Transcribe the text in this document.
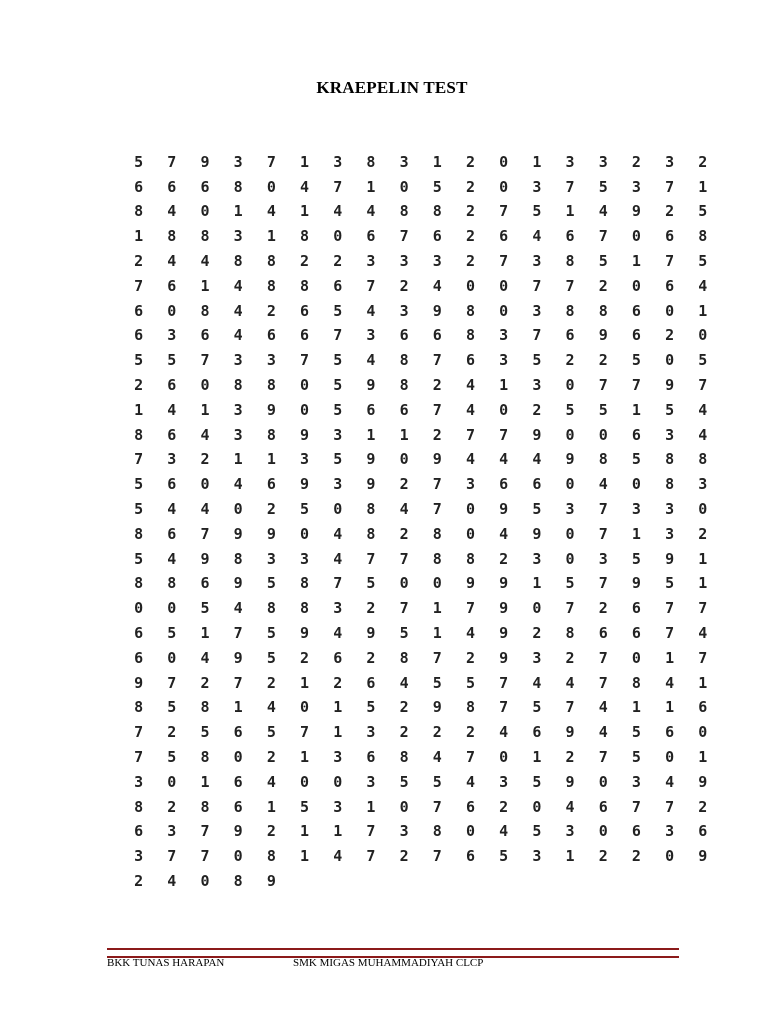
KRAEPELIN TEST
5	7	9	3	7	1	3	8	3	1	2	0	1	3	3	2	3	2
6	6	6	8	0	4	7	1	0	5	2	0	3	7	5	3	7	1
8	4	0	1	4	1	4	4	8	8	2	7	5	1	4	9	2	5
1	8	8	3	1	8	0	6	7	6	2	6	4	6	7	0	6	8
2	4	4	8	8	2	2	3	3	3	2	7	3	8	5	1	7	5
7	6	1	4	8	8	6	7	2	4	0	0	7	7	2	0	6	4
6	0	8	4	2	6	5	4	3	9	8	0	3	8	8	6	0	1
6	3	6	4	6	6	7	3	6	6	8	3	7	6	9	6	2	0
5	5	7	3	3	7	5	4	8	7	6	3	5	2	2	5	0	5
2	6	0	8	8	0	5	9	8	2	4	1	3	0	7	7	9	7
1	4	1	3	9	0	5	6	6	7	4	0	2	5	5	1	5	4
8	6	4	3	8	9	3	1	1	2	7	7	9	0	0	6	3	4
7	3	2	1	1	3	5	9	0	9	4	4	4	9	8	5	8	8
5	6	0	4	6	9	3	9	2	7	3	6	6	0	4	0	8	3
5	4	4	0	2	5	0	8	4	7	0	9	5	3	7	3	3	0
8	6	7	9	9	0	4	8	2	8	0	4	9	0	7	1	3	2
5	4	9	8	3	3	4	7	7	8	8	2	3	0	3	5	9	1
8	8	6	9	5	8	7	5	0	0	9	9	1	5	7	9	5	1
0	0	5	4	8	8	3	2	7	1	7	9	0	7	2	6	7	7
6	5	1	7	5	9	4	9	5	1	4	9	2	8	6	6	7	4
6	0	4	9	5	2	6	2	8	7	2	9	3	2	7	0	1	7
9	7	2	7	2	1	2	6	4	5	5	7	4	4	7	8	4	1
8	5	8	1	4	0	1	5	2	9	8	7	5	7	4	1	1	6
7	2	5	6	5	7	1	3	2	2	2	4	6	9	4	5	6	0
7	5	8	0	2	1	3	6	8	4	7	0	1	2	7	5	0	1
3	0	1	6	4	0	0	3	5	5	4	3	5	9	0	3	4	9
8	2	8	6	1	5	3	1	0	7	6	2	0	4	6	7	7	2
6	3	7	9	2	1	1	7	3	8	0	4	5	3	0	6	3	6
3	7	7	0	8	1	4	7	2	7	6	5	3	1	2	2	0	9
2	4	0	8	9
BKK TUNAS HARAPAN	SMK MIGAS MUHAMMADIYAH CLCP
